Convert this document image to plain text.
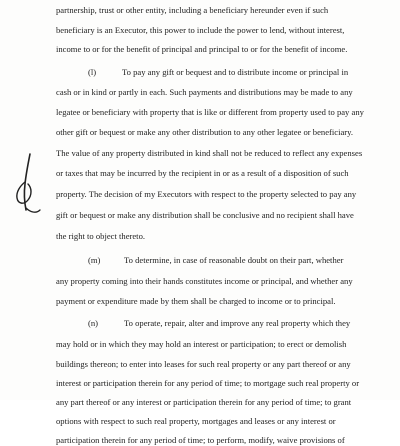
partnership, trust or other entity, including a beneficiary hereunder even if such
beneficiary is an Executor, this power to include the power to lend, without interest,
income to or for the benefit of principal and principal to or for the benefit of income.
(l)	To pay any gift or bequest and to distribute income or principal in
cash or in kind or partly in each. Such payments and distributions may be made to any
legatee or beneficiary with property that is like or different from property used to pay any
other gift or bequest or make any other distribution to any other legatee or beneficiary.
The value of any property distributed in kind shall not be reduced to reflect any expenses
or taxes that may be incurred by the recipient in or as a result of a disposition of such
property. The decision of my Executors with respect to the property selected to pay any
gift or bequest or make any distribution shall be conclusive and no recipient shall have
the right to object thereto.
(m)	To determine, in case of reasonable doubt on their part, whether
any property coming into their hands constitutes income or principal, and whether any
payment or expenditure made by them shall be charged to income or to principal.
(n)	To operate, repair, alter and improve any real property which they
may hold or in which they may hold an interest or participation; to erect or demolish
buildings thereon; to enter into leases for such real property or any part thereof or any
interest or participation therein for any period of time; to mortgage such real property or
any part thereof or any interest or participation therein for any period of time; to grant
options with respect to such real property, mortgages and leases or any interest or
participation therein for any period of time; to perform, modify, waive provisions of
